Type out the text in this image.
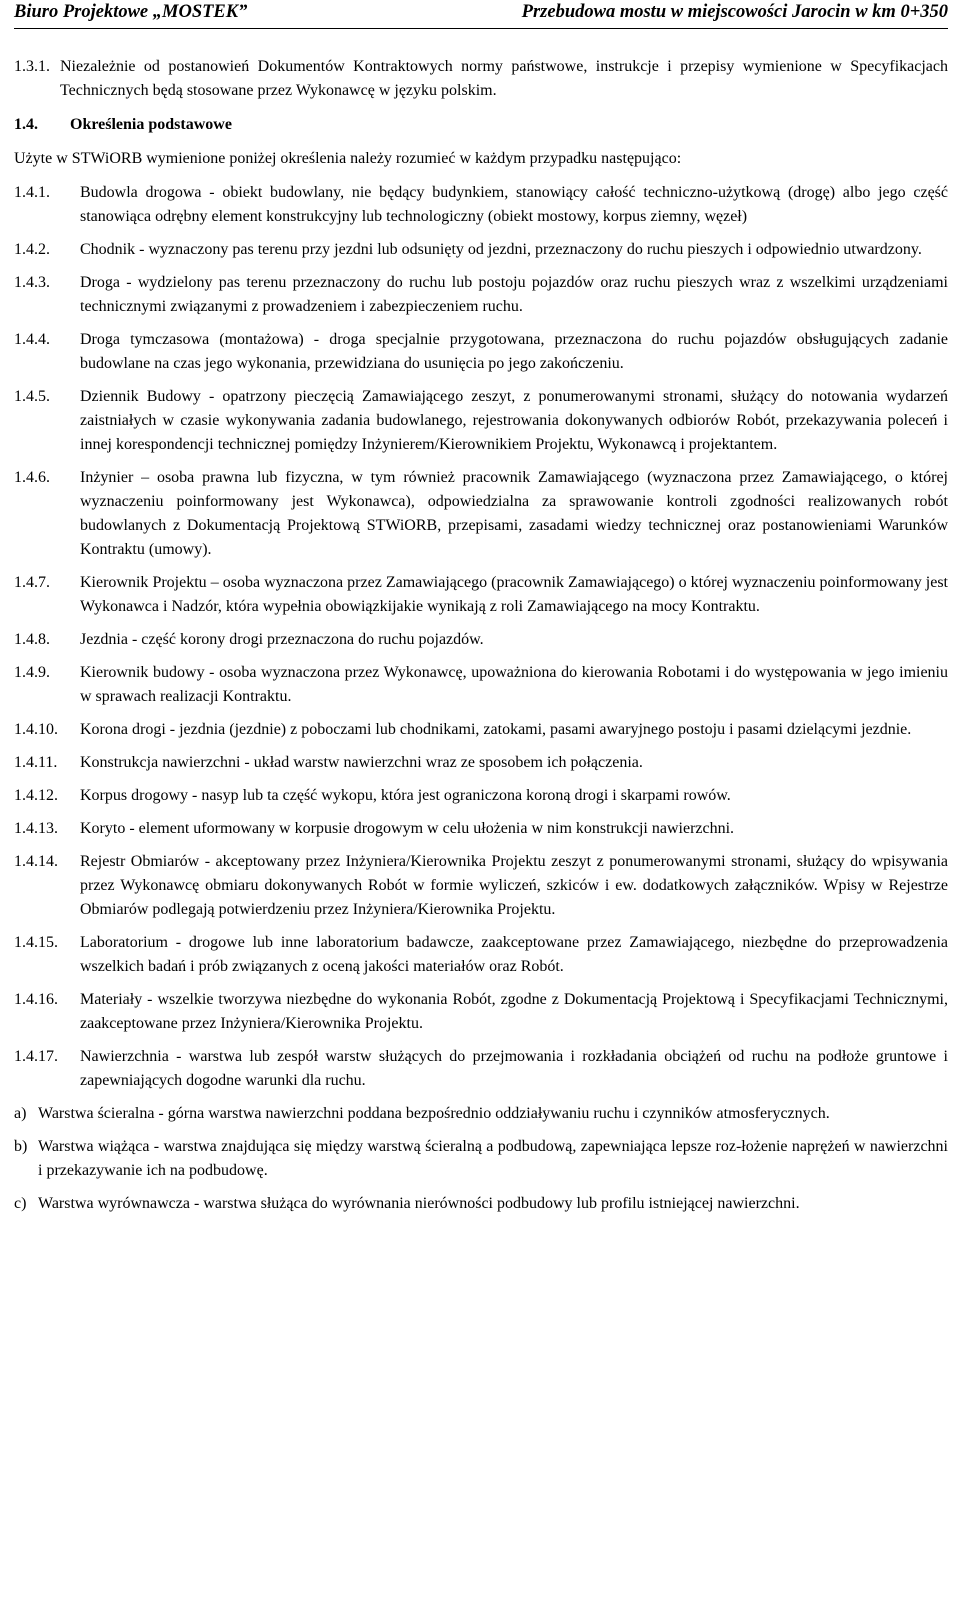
Biuro Projektowe „MOSTEK”	Przebudowa mostu w miejscowości Jarocin w km 0+350
1.3.1. Niezależnie od postanowień Dokumentów Kontraktowych normy państwowe, instrukcje i przepisy wymienione w Specyfikacjach Technicznych będą stosowane przez Wykonawcę w języku polskim.
1.4.	Określenia podstawowe
Użyte w STWiORB wymienione poniżej określenia należy rozumieć w każdym przypadku następująco:
1.4.1.	Budowla drogowa - obiekt budowlany, nie będący budynkiem, stanowiący całość techniczno-użytkową (drogę) albo jego część stanowiąca odrębny element konstrukcyjny lub technologiczny (obiekt mostowy, korpus ziemny, węzeł)
1.4.2.	Chodnik - wyznaczony pas terenu przy jezdni lub odsunięty od jezdni, przeznaczony do ruchu pieszych i odpowiednio utwardzony.
1.4.3.	Droga - wydzielony pas terenu przeznaczony do ruchu lub postoju pojazdów oraz ruchu pieszych wraz z wszelkimi urządzeniami technicznymi związanymi z prowadzeniem i zabezpieczeniem ruchu.
1.4.4.	Droga tymczasowa (montażowa) - droga specjalnie przygotowana, przeznaczona do ruchu pojazdów obsługujących zadanie budowlane na czas jego wykonania, przewidziana do usunięcia po jego zakończeniu.
1.4.5.	Dziennik Budowy - opatrzony pieczęcią Zamawiającego zeszyt, z ponumerowanymi stronami, służący do notowania wydarzeń zaistniałych w czasie wykonywania zadania budowlanego, rejestrowania dokonywanych odbiorów Robót, przekazywania poleceń i innej korespondencji technicznej pomiędzy Inżynierem/Kierownikiem Projektu, Wykonawcą i projektantem.
1.4.6.	Inżynier – osoba prawna lub fizyczna, w tym również pracownik Zamawiającego (wyznaczona przez Zamawiającego, o której wyznaczeniu poinformowany jest Wykonawca), odpowiedzialna za sprawowanie kontroli zgodności realizowanych robót budowlanych z Dokumentacją Projektową STWiORB, przepisami, zasadami wiedzy technicznej oraz postanowieniami Warunków Kontraktu (umowy).
1.4.7.	Kierownik Projektu – osoba wyznaczona przez Zamawiającego (pracownik Zamawiającego) o której wyznaczeniu poinformowany jest Wykonawca i Nadzór, która wypełnia obowiązkijakie wynikają z roli Zamawiającego na mocy Kontraktu.
1.4.8.	Jezdnia - część korony drogi przeznaczona do ruchu pojazdów.
1.4.9.	Kierownik budowy - osoba wyznaczona przez Wykonawcę, upoważniona do kierowania Robotami i do występowania w jego imieniu w sprawach realizacji Kontraktu.
1.4.10.	Korona drogi - jezdnia (jezdnie) z poboczami lub chodnikami, zatokami, pasami awaryjnego postoju i pasami dzielącymi jezdnie.
1.4.11.	Konstrukcja nawierzchni - układ warstw nawierzchni wraz ze sposobem ich połączenia.
1.4.12.	Korpus drogowy - nasyp lub ta część wykopu, która jest ograniczona koroną drogi i skarpami rowów.
1.4.13.	Koryto - element uformowany w korpusie drogowym w celu ułożenia w nim konstrukcji nawierzchni.
1.4.14.	Rejestr Obmiarów - akceptowany przez Inżyniera/Kierownika Projektu zeszyt z ponumerowanymi stronami, służący do wpisywania przez Wykonawcę obmiaru dokonywanych Robót w formie wyliczeń, szkiców i ew. dodatkowych załączników. Wpisy w Rejestrze Obmiarów podlegają potwierdzeniu przez Inżyniera/Kierownika Projektu.
1.4.15.	Laboratorium - drogowe lub inne laboratorium badawcze, zaakceptowane przez Zamawiającego, niezbędne do przeprowadzenia wszelkich badań i prób związanych z oceną jakości materiałów oraz Robót.
1.4.16.	Materiały - wszelkie tworzywa niezbędne do wykonania Robót, zgodne z Dokumentacją Projektową i Specyfikacjami Technicznymi, zaakceptowane przez Inżyniera/Kierownika Projektu.
1.4.17.	Nawierzchnia - warstwa lub zespół warstw służących do przejmowania i rozkładania obciążeń od ruchu na podłoże gruntowe i zapewniających dogodne warunki dla ruchu.
a) Warstwa ścieralna - górna warstwa nawierzchni poddana bezpośrednio oddziaływaniu ruchu i czynników atmosferycznych.
b) Warstwa wiążąca - warstwa znajdująca się między warstwą ścieralną a podbudową, zapewniająca lepsze roz-łożenie naprężeń w nawierzchni i przekazywanie ich na podbudowę.
c) Warstwa wyrównawcza - warstwa służąca do wyrównania nierówności podbudowy lub profilu istniejącej nawierzchni.
